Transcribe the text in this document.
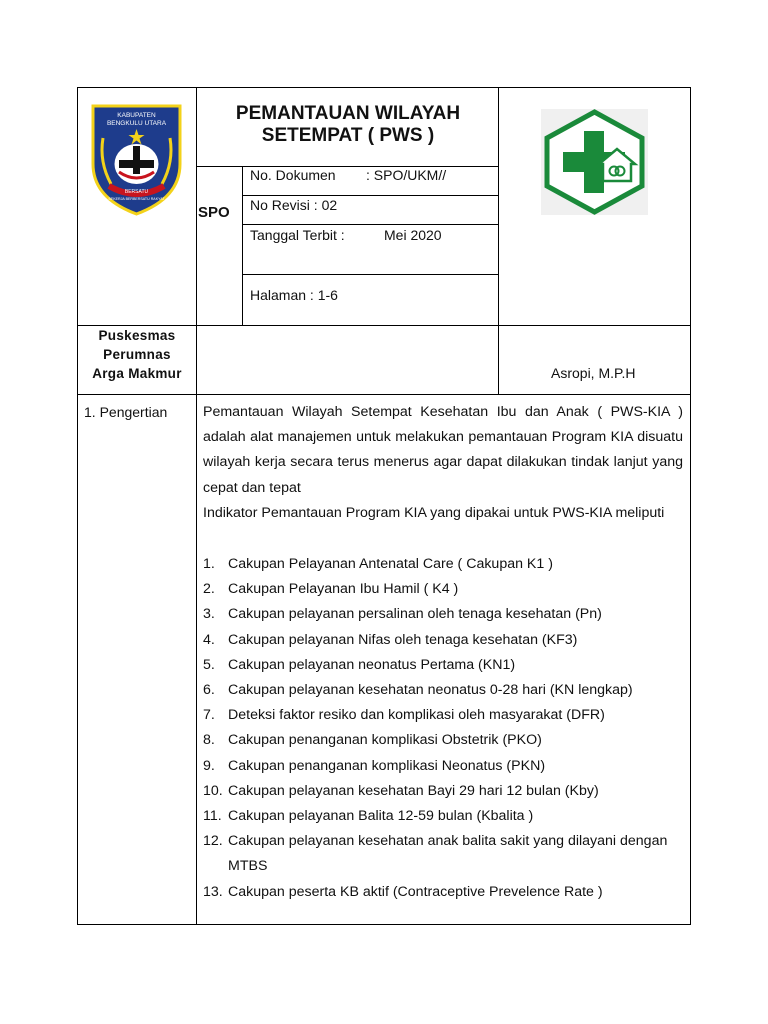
KABUPATEN
BENGKULU UTARA
BERSATU
BEKERJA BERBERSATU RAKYAT
PEMANTAUAN WILAYAH
SETEMPAT ( PWS )
SPO
No. Dokumen : SPO/UKM//
No Revisi : 02
Tanggal Terbit :	Mei 2020
Halaman : 1-6
Puskesmas
Perumnas
Arga Makmur	Asropi, M.P.H
1. Pengertian	Pemantauan Wilayah Setempat Kesehatan Ibu dan Anak ( PWS-KIA ) adalah alat manajemen untuk melakukan pemantauan Program KIA disuatu wilayah kerja secara terus menerus agar dapat dilakukan tindak lanjut yang cepat dan tepat
Indikator Pemantauan Program KIA yang dipakai untuk PWS-KIA meliputi
1. Cakupan Pelayanan Antenatal Care ( Cakupan K1 )
2. Cakupan Pelayanan Ibu Hamil ( K4 )
3. Cakupan pelayanan persalinan oleh tenaga kesehatan (Pn)
4. Cakupan pelayanan Nifas oleh tenaga kesehatan (KF3)
5. Cakupan pelayanan neonatus Pertama (KN1)
6. Cakupan pelayanan kesehatan neonatus 0-28 hari (KN lengkap)
7. Deteksi faktor resiko dan komplikasi oleh masyarakat (DFR)
8. Cakupan penanganan komplikasi Obstetrik (PKO)
9. Cakupan penanganan komplikasi Neonatus (PKN)
10. Cakupan pelayanan kesehatan Bayi 29 hari 12 bulan (Kby)
11. Cakupan pelayanan Balita 12-59 bulan (Kbalita )
12. Cakupan pelayanan kesehatan anak balita sakit yang dilayani dengan MTBS
13. Cakupan peserta KB aktif (Contraceptive Prevelence Rate )
